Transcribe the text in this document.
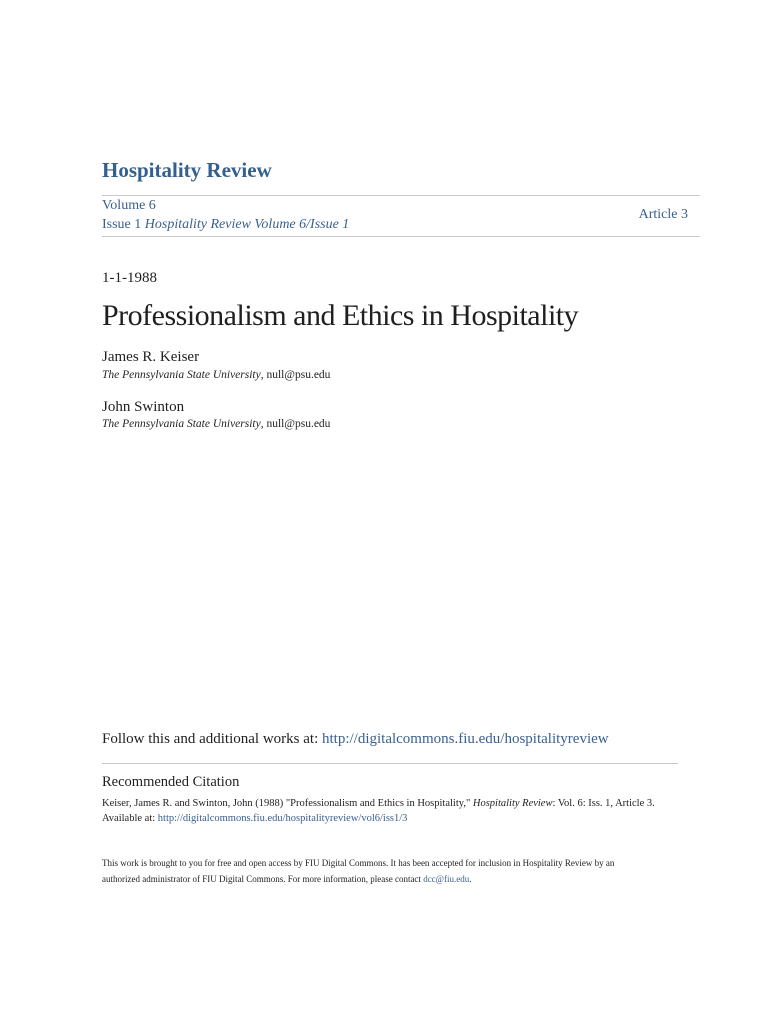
Hospitality Review
Volume 6
Issue 1 Hospitality Review Volume 6/Issue 1
Article 3
1-1-1988
Professionalism and Ethics in Hospitality
James R. Keiser
The Pennsylvania State University, null@psu.edu
John Swinton
The Pennsylvania State University, null@psu.edu
Follow this and additional works at: http://digitalcommons.fiu.edu/hospitalityreview
Recommended Citation
Keiser, James R. and Swinton, John (1988) "Professionalism and Ethics in Hospitality," Hospitality Review: Vol. 6: Iss. 1, Article 3.
Available at: http://digitalcommons.fiu.edu/hospitalityreview/vol6/iss1/3
This work is brought to you for free and open access by FIU Digital Commons. It has been accepted for inclusion in Hospitality Review by an
authorized administrator of FIU Digital Commons. For more information, please contact dcc@fiu.edu.
